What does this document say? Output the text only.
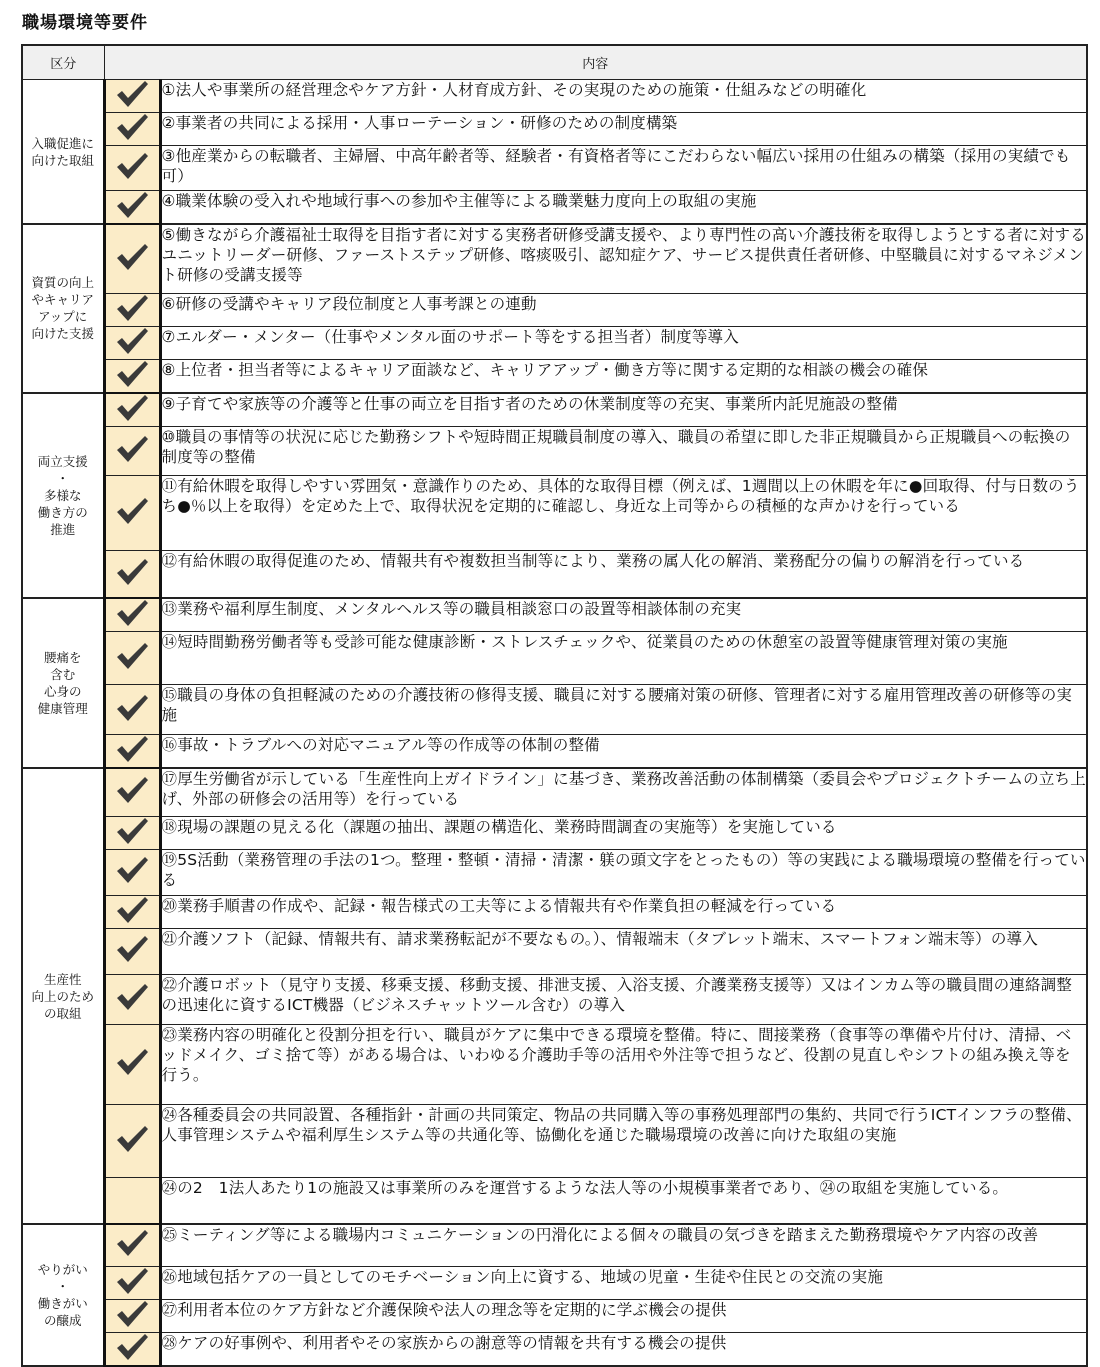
職場環境等要件
区分	内容	
入職促進に
向けた取組		①法人や事業所の経営理念やケア方針・人材育成方針、その実現のための施策・仕組みなどの明確化

	②事業者の共同による採用・人事ローテーション・研修のための制度構築

	③他産業からの転職者、主婦層、中高年齢者等、経験者・有資格者等にこだわらない幅広い採用の仕組みの構築（採用の実績でも可）

	④職業体験の受入れや地域行事への参加や主催等による職業魅力度向上の取組の実施
資質の向上
やキャリア
アップに
向けた支援		⑤働きながら介護福祉士取得を目指す者に対する実務者研修受講支援や、より専門性の高い介護技術を取得しようとする者に対するユニットリーダー研修、ファーストステップ研修、喀痰吸引、認知症ケア、サービス提供責任者研修、中堅職員に対するマネジメント研修の受講支援等

	⑥研修の受講やキャリア段位制度と人事考課との連動

	⑦エルダー・メンター（仕事やメンタル面のサポート等をする担当者）制度等導入

	⑧上位者・担当者等によるキャリア面談など、キャリアアップ・働き方等に関する定期的な相談の機会の確保
両立支援
・
多様な
働き方の
推進		⑨子育てや家族等の介護等と仕事の両立を目指す者のための休業制度等の充実、事業所内託児施設の整備

	⑩職員の事情等の状況に応じた勤務シフトや短時間正規職員制度の導入、職員の希望に即した非正規職員から正規職員への転換の制度等の整備

	⑪有給休暇を取得しやすい雰囲気・意識作りのため、具体的な取得目標（例えば、1週間以上の休暇を年に●回取得、付与日数のうち●％以上を取得）を定めた上で、取得状況を定期的に確認し、身近な上司等からの積極的な声かけを行っている

	⑫有給休暇の取得促進のため、情報共有や複数担当制等により、業務の属人化の解消、業務配分の偏りの解消を行っている
腰痛を
含む
心身の
健康管理		⑬業務や福利厚生制度、メンタルヘルス等の職員相談窓口の設置等相談体制の充実

	⑭短時間勤務労働者等も受診可能な健康診断・ストレスチェックや、従業員のための休憩室の設置等健康管理対策の実施

	⑮職員の身体の負担軽減のための介護技術の修得支援、職員に対する腰痛対策の研修、管理者に対する雇用管理改善の研修等の実施

	⑯事故・トラブルへの対応マニュアル等の作成等の体制の整備
生産性
向上のため
の取組		⑰厚生労働省が示している「生産性向上ガイドライン」に基づき、業務改善活動の体制構築（委員会やプロジェクトチームの立ち上げ、外部の研修会の活用等）を行っている

	⑱現場の課題の見える化（課題の抽出、課題の構造化、業務時間調査の実施等）を実施している

	⑲5S活動（業務管理の手法の1つ。整理・整頓・清掃・清潔・躾の頭文字をとったもの）等の実践による職場環境の整備を行っている

	⑳業務手順書の作成や、記録・報告様式の工夫等による情報共有や作業負担の軽減を行っている

	㉑介護ソフト（記録、情報共有、請求業務転記が不要なもの。）、情報端末（タブレット端末、スマートフォン端末等）の導入

	㉒介護ロボット（見守り支援、移乗支援、移動支援、排泄支援、入浴支援、介護業務支援等）又はインカム等の職員間の連絡調整の迅速化に資するICT機器（ビジネスチャットツール含む）の導入

	㉓業務内容の明確化と役割分担を行い、職員がケアに集中できる環境を整備。特に、間接業務（食事等の準備や片付け、清掃、ベッドメイク、ゴミ捨て等）がある場合は、いわゆる介護助手等の活用や外注等で担うなど、役割の見直しやシフトの組み換え等を行う。

	㉔各種委員会の共同設置、各種指針・計画の共同策定、物品の共同購入等の事務処理部門の集約、共同で行うICTインフラの整備、人事管理システムや福利厚生システム等の共通化等、協働化を通じた職場環境の改善に向けた取組の実施
		㉔の2　1法人あたり1の施設又は事業所のみを運営するような法人等の小規模事業者であり、㉔の取組を実施している。
やりがい
・
働きがい
の醸成		㉕ミーティング等による職場内コミュニケーションの円滑化による個々の職員の気づきを踏まえた勤務環境やケア内容の改善

	㉖地域包括ケアの一員としてのモチベーション向上に資する、地域の児童・生徒や住民との交流の実施

	㉗利用者本位のケア方針など介護保険や法人の理念等を定期的に学ぶ機会の提供

	㉘ケアの好事例や、利用者やその家族からの謝意等の情報を共有する機会の提供
